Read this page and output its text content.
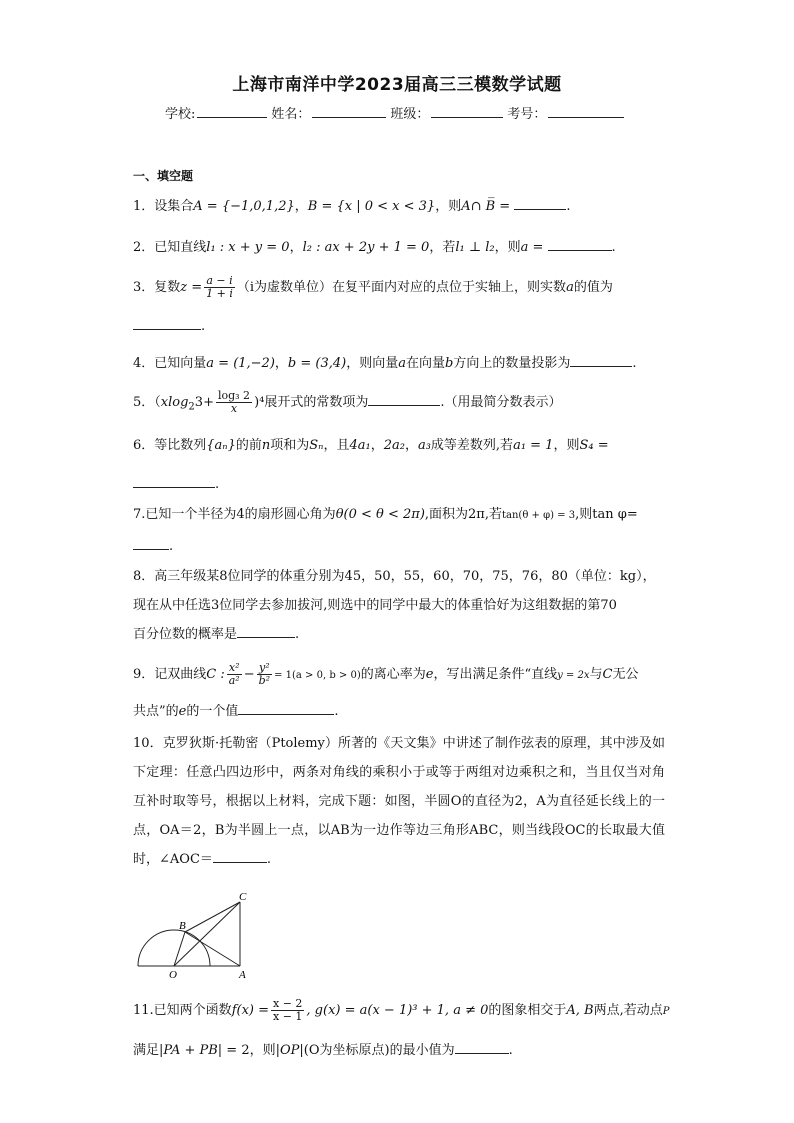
上海市南洋中学2023届高三三模数学试题
学校:	姓名：	班级：	考号：
一、填空题
1．设集合A = {−1,0,1,2}，B = {x | 0 < x < 3}，则A∩ B̅ =	.
2．已知直线l₁ : x + y = 0，l₂ : ax + 2y + 1 = 0，若l₁ ⊥ l₂，则a =	.
3．复数$z = \frac{a - i}{1 + i} (i$为虚数单位）在复平面内对应的点位于实轴上，则实数a的值为
.
4．已知向量a = (1,−2)，b = (3,4)，则向量a在向量b方向上的数量投影为	.
5．$(xlog_23+ \frac{\text{log₃ 2}}{x} )^4$展开式的常数项为	.（用最简分数表示）
6．等比数列{aₙ}的前n项和为Sₙ，且4a₁，2a₂，a₃成等差数列,若a₁ = 1，则S₄ =
.
7.已知一个半径为4的扇形圆心角为θ(0 < θ < 2π),面积为2π,若tan(θ + φ) = 3,则tan φ=
.
8．高三年级某8位同学的体重分别为45，50，55，60，70，75，76，80（单位：kg），
现在从中任选3位同学去参加拔河,则选中的同学中最大的体重恰好为这组数据的第70
百分位数的概率是	.
9．记双曲线C : $\frac{\text{x²}}{\text{a²}} - \frac{\text{y²}}{\text{b²}} = 1(a > 0$, b > 0)的离心率为e，写出满足条件“直线y = 2x与C无公
共点”的e的一个值	.
10．克罗狄斯·托勒密（Ptolemy）所著的《天文集》中讲述了制作弦表的原理，其中涉及如下定理：任意凸四边形中，两条对角线的乘积小于或等于两组对边乘积之和，当且仅当对角互补时取等号，根据以上材料，完成下题：如图，半圆O的直径为2，A为直径延长线上的一点，OA＝2，B为半圆上一点，以AB为一边作等边三角形ABC，则当线段OC的长取最大值时，∠AOC＝	.
C
B
O	A
11.已知两个函数$f(x) = \frac{x - 2}{x - 1}$ , g(x) = a(x − 1)³ + 1, a ≠ 0的图象相交于A, B两点,若动点P
满足|PA + PB| = 2，则|OP|(O为坐标原点)的最小值为	.
